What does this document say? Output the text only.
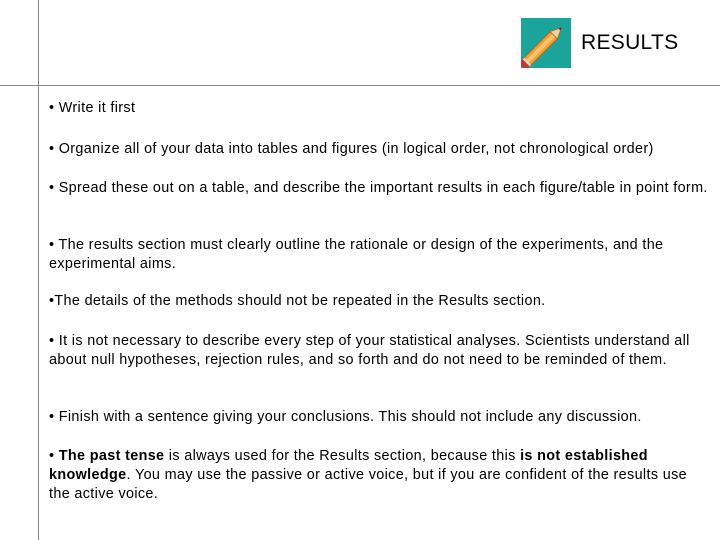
RESULTS

• Write it first

• Organize all of your data into tables and figures (in logical order, not chronological order)

• Spread these out on a table, and describe the important results in each figure/table in point form.

• The results section must clearly outline the rationale or design of the experiments, and the experimental aims.

•The details of the methods should not be repeated in the Results section.

• It is not necessary to describe every step of your statistical analyses. Scientists understand all about null hypotheses, rejection rules, and so forth and do not need to be reminded of them.

• Finish with a sentence giving your conclusions. This should not include any discussion.

• The past tense is always used for the Results section, because this is not established knowledge. You may use the passive or active voice, but if you are confident of the results use the active voice.
